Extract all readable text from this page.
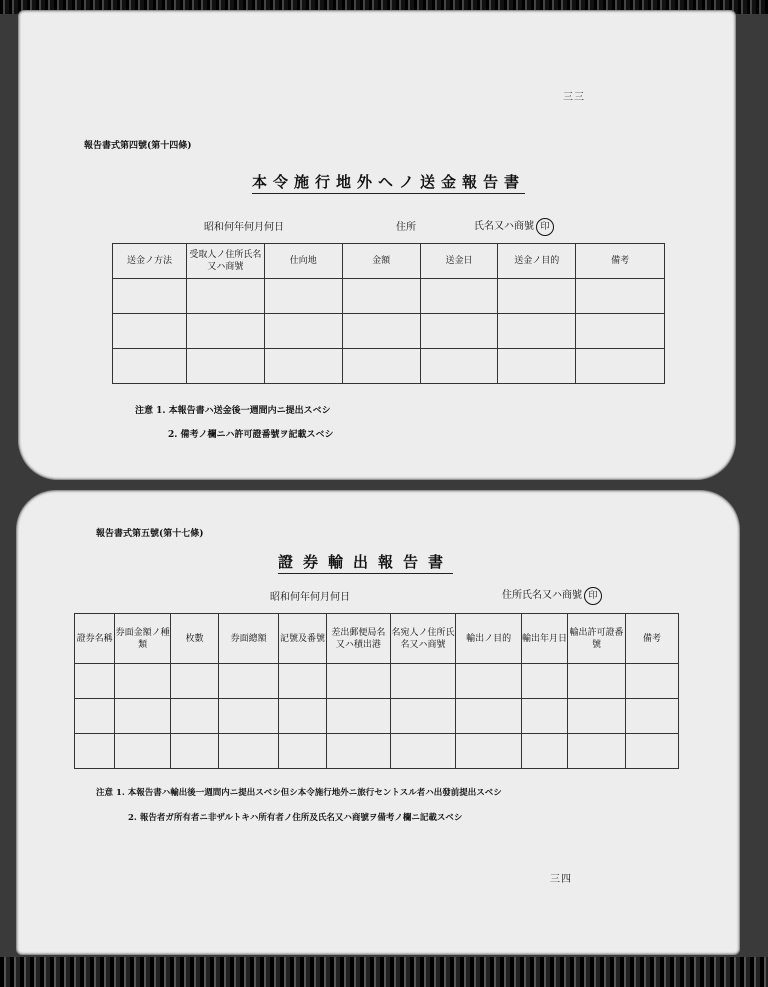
三三
報告書式第四號(第十四條)
本令施行地外ヘノ送金報告書
昭和何年何月何日	住所	氏名又ハ商號 印
送金ノ方法	受取人ノ住所氏名又ハ商號	仕向地	金額	送金日	送金ノ目的	備考

注意 1. 本報告書ハ送金後一週間内ニ提出スベシ
2. 備考ノ欄ニハ許可證番號ヲ記載スベシ
報告書式第五號(第十七條)
證券輸出報告書
昭和何年何月何日	住所氏名又ハ商號 印
證券名稱	券面金額ノ種類	枚數	券面總額	記號及番號	差出郵便局名又ハ積出港	名宛人ノ住所氏名又ハ商號	輸出ノ目的	輸出年月日	輸出許可證番號	備考

注意 1. 本報告書ハ輸出後一週間内ニ提出スベシ但シ本令施行地外ニ旅行セントスル者ハ出發前提出スベシ
2. 報告者ガ所有者ニ非ザルトキハ所有者ノ住所及氏名又ハ商號ヲ備考ノ欄ニ記載スベシ
三四
